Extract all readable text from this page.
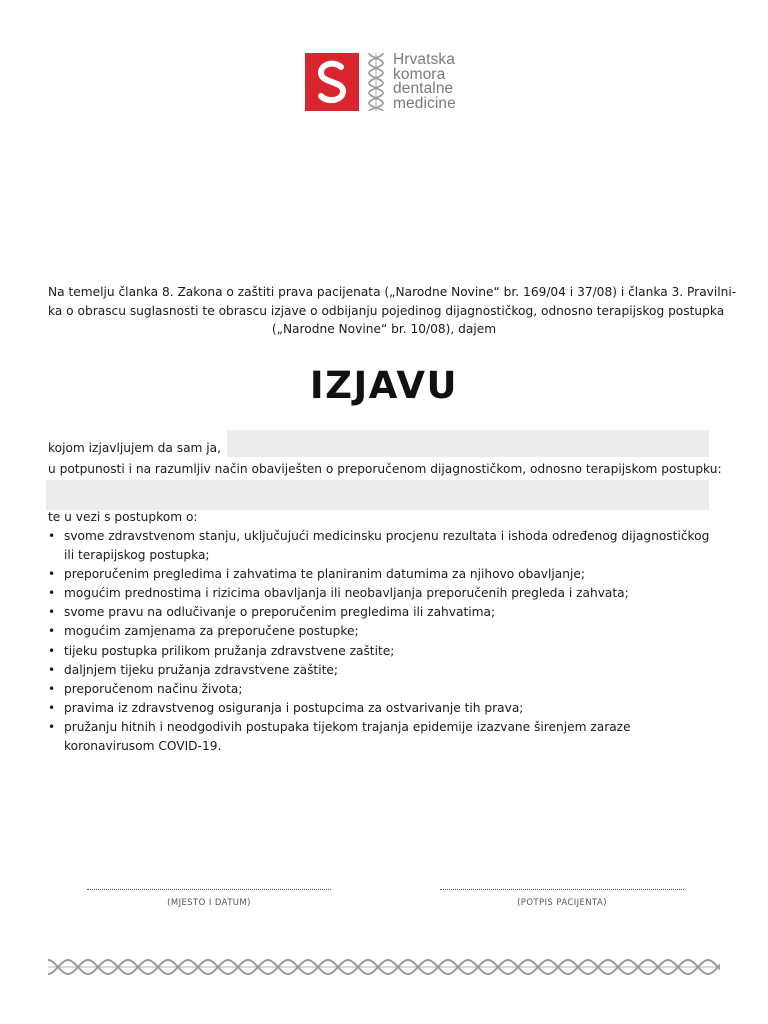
Hrvatska
komora
dentalne
medicine
Na temelju članka 8. Zakona o zaštiti prava pacijenata („Narodne Novine“ br. 169/04 i 37/08) i članka 3. Pravilni-
ka o obrascu suglasnosti te obrascu izjave o odbijanju pojedinog dijagnostičkog, odnosno terapijskog postupka
(„Narodne Novine“ br. 10/08), dajem
IZJAVU
kojom izjavljujem da sam ja,
u potpunosti i na razumljiv način obaviješten o preporučenom dijagnostičkom, odnosno terapijskom postupku:
te u vezi s postupkom o:
• svome zdravstvenom stanju, uključujući medicinsku procjenu rezultata i ishoda određenog dijagnostičkog ili terapijskog postupka;
• preporučenim pregledima i zahvatima te planiranim datumima za njihovo obavljanje;
• mogućim prednostima i rizicima obavljanja ili neobavljanja preporučenih pregleda i zahvata;
• svome pravu na odlučivanje o preporučenim pregledima ili zahvatima;
• mogućim zamjenama za preporučene postupke;
• tijeku postupka prilikom pružanja zdravstvene zaštite;
• daljnjem tijeku pružanja zdravstvene zaštite;
• preporučenom načinu života;
• pravima iz zdravstvenog osiguranja i postupcima za ostvarivanje tih prava;
• pružanju hitnih i neodgodivih postupaka tijekom trajanja epidemije izazvane širenjem zaraze koronavirusom COVID-19.
(MJESTO I DATUM)	(POTPIS PACIJENTA)
